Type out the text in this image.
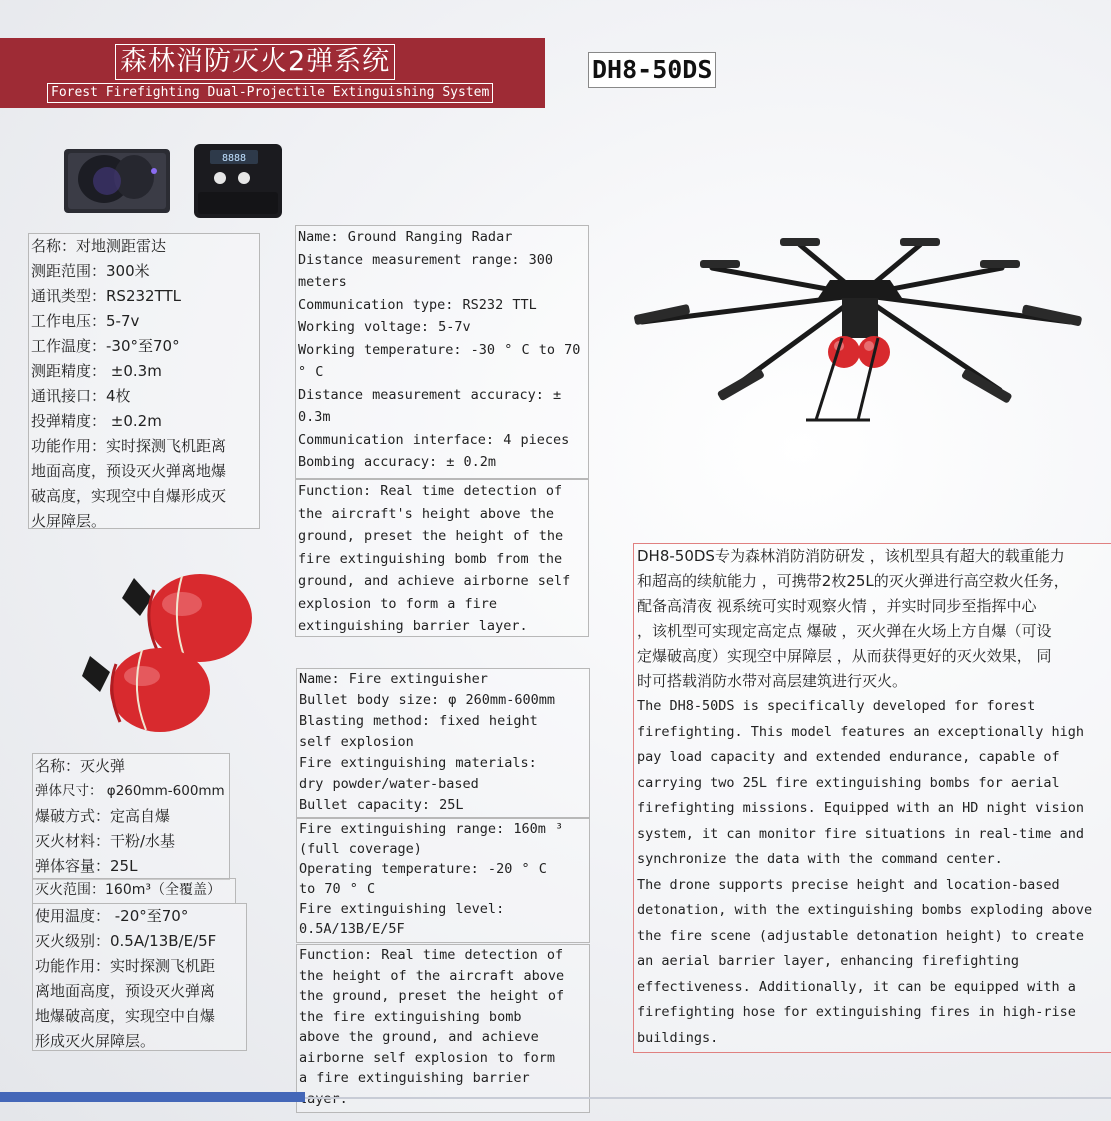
森林消防灭火2弹系统
Forest Firefighting Dual-Projectile Extinguishing System
DH8-50DS
8888
名称：对地测距雷达
测距范围：300米
通讯类型：RS232TTL
工作电压：5-7v
工作温度：-30°至70°
测距精度： ±0.3m
通讯接口：4枚
投弹精度： ±0.2m
功能作用：实时探测飞机距离
地面高度，预设灭火弹离地爆
破高度，实现空中自爆形成灭
火屏障层。
Name: Ground Ranging Radar
Distance measurement range: 300
meters
Communication type: RS232 TTL
Working voltage: 5-7v
Working temperature: -30 ° C to 70
° C
Distance measurement accuracy: ±
0.3m
Communication interface: 4 pieces
Bombing accuracy: ± 0.2m
Function: Real time detection of
the aircraft's height above the
ground, preset the height of the
fire extinguishing bomb from the
ground, and achieve airborne self
explosion to form a fire
extinguishing barrier layer.
名称：灭火弹
弹体尺寸： φ260mm-600mm
爆破方式：定高自爆
灭火材料：干粉/水基
弹体容量：25L
灭火范围：160m³（全覆盖）
使用温度： -20°至70°
灭火级别：0.5A/13B/E/5F
功能作用：实时探测飞机距
离地面高度，预设灭火弹离
地爆破高度，实现空中自爆
形成灭火屏障层。
Name: Fire extinguisher
Bullet body size: φ 260mm-600mm
Blasting method: fixed height
self explosion
Fire extinguishing materials:
dry powder/water-based
Bullet capacity: 25L
Fire extinguishing range: 160m ³
(full coverage)
Operating temperature: -20 ° C
to 70 ° C
Fire extinguishing level:
0.5A/13B/E/5F
Function: Real time detection of
the height of the aircraft above
the ground, preset the height of
the fire extinguishing bomb
above the ground, and achieve
airborne self explosion to form
a fire extinguishing barrier
DH8-50DS专为森林消防消防研发 ，该机型具有超大的载重能力
和超高的续航能力 ，可携带2枚25L的灭火弹进行高空救火任务，
配备高清夜 视系统可实时观察火情 ，并实时同步至指挥中心
，该机型可实现定高定点 爆破 ，灭火弹在火场上方自爆（可设
定爆破高度）实现空中屏障层 ，从而获得更好的灭火效果， 同
时可搭载消防水带对高层建筑进行灭火。
The DH8-50DS is specifically developed for forest
firefighting. This model features an exceptionally high
pay load capacity and extended endurance, capable of
carrying two 25L fire extinguishing bombs for aerial
firefighting missions. Equipped with an HD night vision
system, it can monitor fire situations in real-time and
synchronize the data with the command center.
The drone supports precise height and location-based
detonation, with the extinguishing bombs exploding above
the fire scene (adjustable detonation height) to create
an aerial barrier layer, enhancing firefighting
effectiveness. Additionally, it can be equipped with a
firefighting hose for extinguishing fires in high-rise
buildings.
